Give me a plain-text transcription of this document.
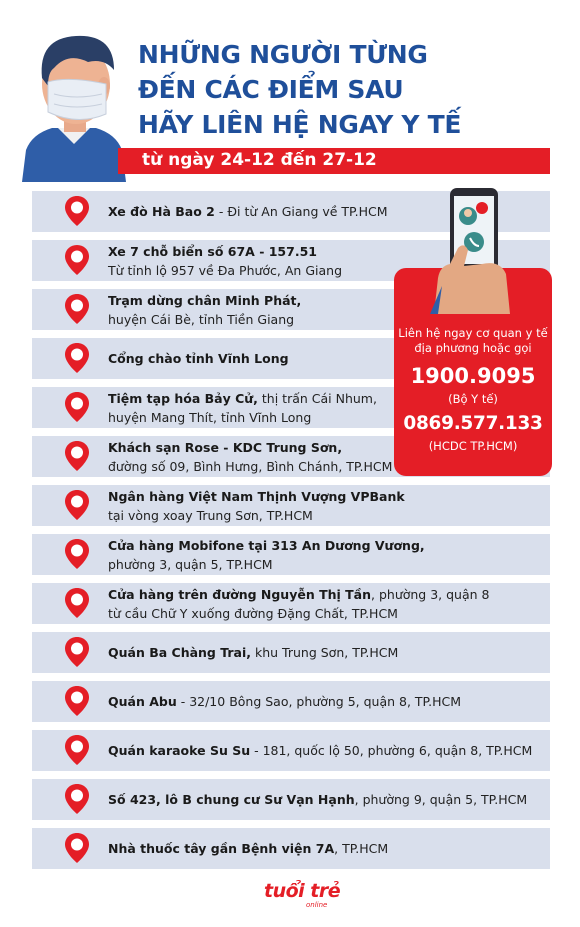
NHỮNG NGƯỜI TỪNG
ĐẾN CÁC ĐIỂM SAU
HÃY LIÊN HỆ NGAY Y TẾ
từ ngày 24-12 đến 27-12
Xe đò Hà Bao 2 - Đi từ An Giang về TP.HCM
Xe 7 chỗ biển số 67A - 157.51
Từ tỉnh lộ 957 về Đa Phước, An Giang
Trạm dừng chân Minh Phát,
huyện Cái Bè, tỉnh Tiền Giang
Cổng chào tỉnh Vĩnh Long
Tiệm tạp hóa Bảy Cử, thị trấn Cái Nhum,
huyện Mang Thít, tỉnh Vĩnh Long
Khách sạn Rose - KDC Trung Sơn,
đường số 09, Bình Hưng, Bình Chánh, TP.HCM
Ngân hàng Việt Nam Thịnh Vượng VPBank
tại vòng xoay Trung Sơn, TP.HCM
Cửa hàng Mobifone tại 313 An Dương Vương,
phường 3, quận 5, TP.HCM
Cửa hàng trên đường Nguyễn Thị Tần, phường 3, quận 8
từ cầu Chữ Y xuống đường Đặng Chất, TP.HCM
Quán Ba Chàng Trai, khu Trung Sơn, TP.HCM
Quán Abu - 32/10 Bông Sao, phường 5, quận 8, TP.HCM
Quán karaoke Su Su - 181, quốc lộ 50, phường 6, quận 8, TP.HCM
Số 423, lô B chung cư Sư Vạn Hạnh, phường 9, quận 5, TP.HCM
Nhà thuốc tây gần Bệnh viện 7A, TP.HCM
Liên hệ ngay cơ quan y tế
địa phương hoặc gọi
1900.9095
(Bộ Y tế)
0869.577.133
(HCDC TP.HCM)
tuổi trẻ
online
